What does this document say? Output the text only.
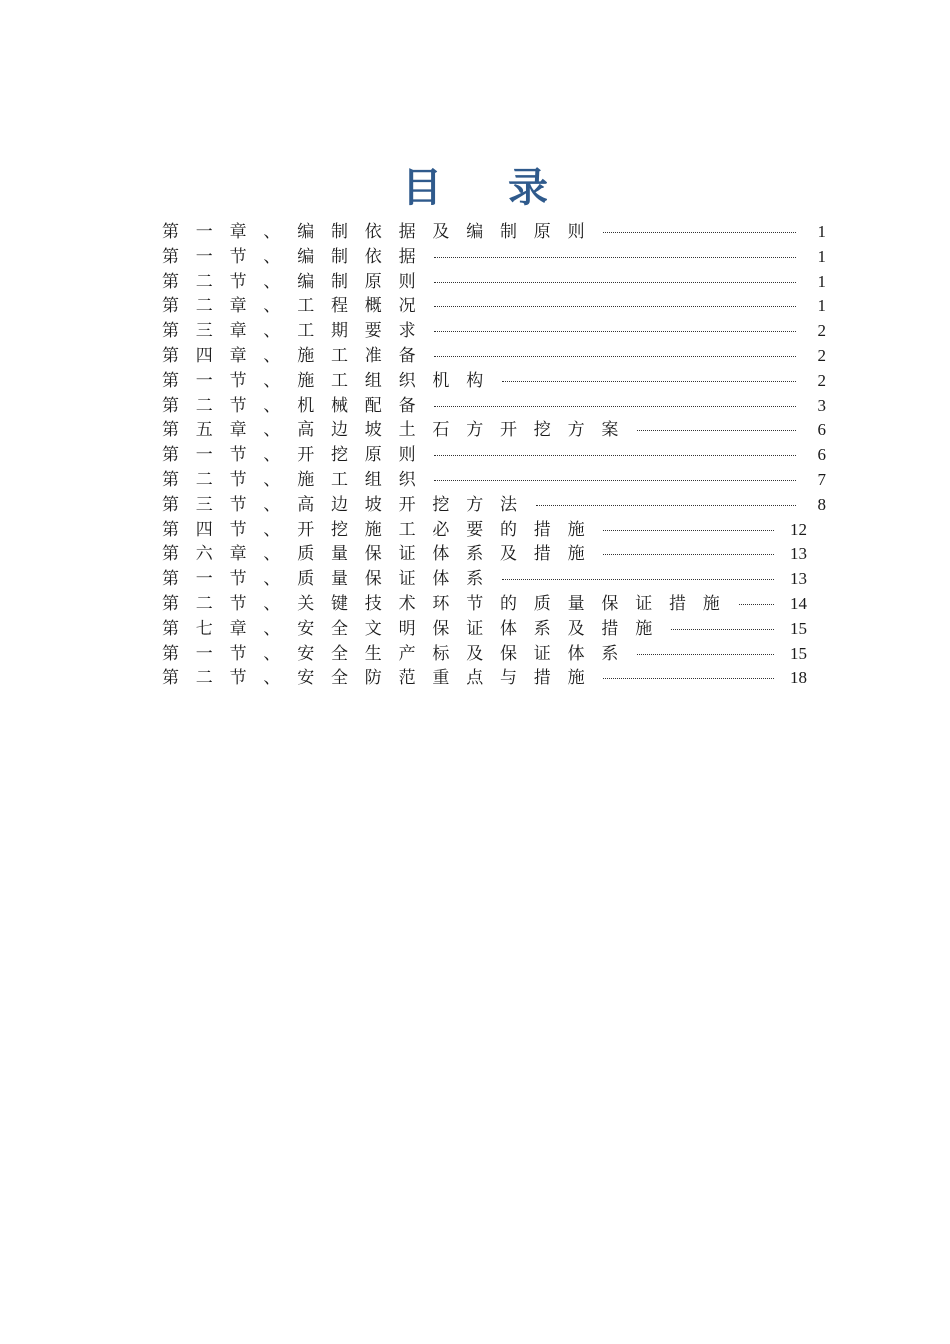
目 录
第一章、编制依据及编制原则	1
第一节、编制依据	1
第二节、编制原则	1
第二章、工程概况	1
第三章、工期要求	2
第四章、施工准备	2
第一节、施工组织机构	2
第二节、机械配备	3
第五章、高边坡土石方开挖方案	6
第一节、开挖原则	6
第二节、施工组织	7
第三节、高边坡开挖方法	8
第四节、开挖施工必要的措施	12
第六章、质量保证体系及措施	13
第一节、质量保证体系	13
第二节、关键技术环节的质量保证措施	14
第七章、安全文明保证体系及措施	15
第一节、安全生产标及保证体系	15
第二节、安全防范重点与措施	18
